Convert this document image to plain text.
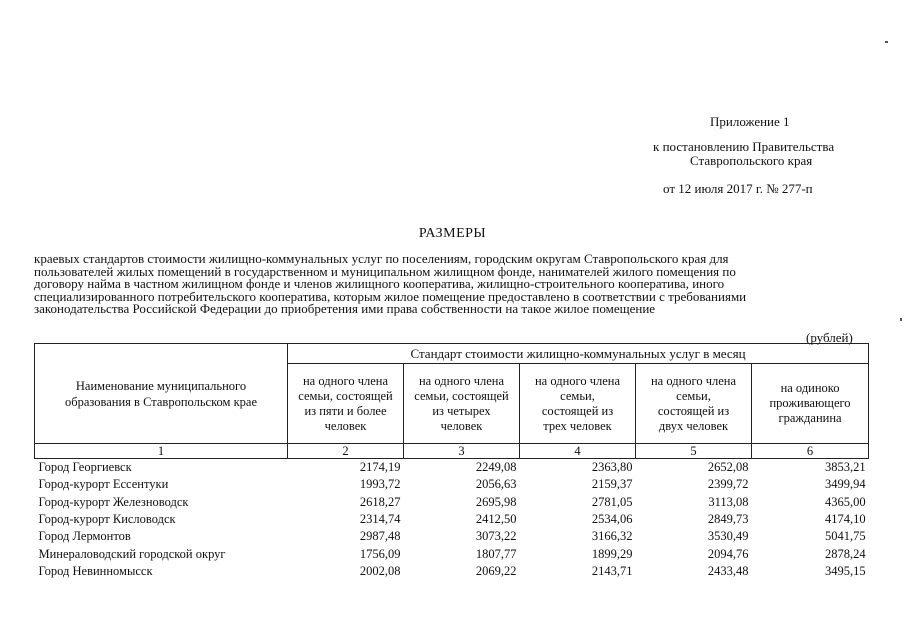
Приложение 1
к постановлению Правительства
Ставропольского края
от 12 июля 2017 г. № 277-п
РАЗМЕРЫ
краевых стандартов стоимости жилищно-коммунальных услуг по поселениям, городским округам Ставропольского края для
пользователей жилых помещений в государственном и муниципальном жилищном фонде, нанимателей жилого помещения по
договору найма в частном жилищном фонде и членов жилищного кооператива, жилищно-строительного кооператива, иного
специализированного потребительского кооператива, которым жилое помещение предоставлено в соответствии с требованиями
законодательства Российской Федерации до приобретения ими права собственности на такое жилое помещение
(рублей)
Наименование муниципального образования в Ставропольском крае	Стандарт стоимости жилищно-коммунальных услуг в месяц				
	на одного члена семьи, состоящей из пяти и более человек	на одного члена семьи, состоящей из четырех человек	на одного члена семьи, состоящей из трех человек	на одного члена семьи, состоящей из двух человек	на одиноко проживающего гражданина
1	2	3	4	5	6
Город Георгиевск	2174,19	2249,08	2363,80	2652,08	3853,21
Город-курорт Ессентуки	1993,72	2056,63	2159,37	2399,72	3499,94
Город-курорт Железноводск	2618,27	2695,98	2781,05	3113,08	4365,00
Город-курорт Кисловодск	2314,74	2412,50	2534,06	2849,73	4174,10
Город Лермонтов	2987,48	3073,22	3166,32	3530,49	5041,75
Минераловодский городской округ	1756,09	1807,77	1899,29	2094,76	2878,24
Город Невинномысск	2002,08	2069,22	2143,71	2433,48	3495,15
